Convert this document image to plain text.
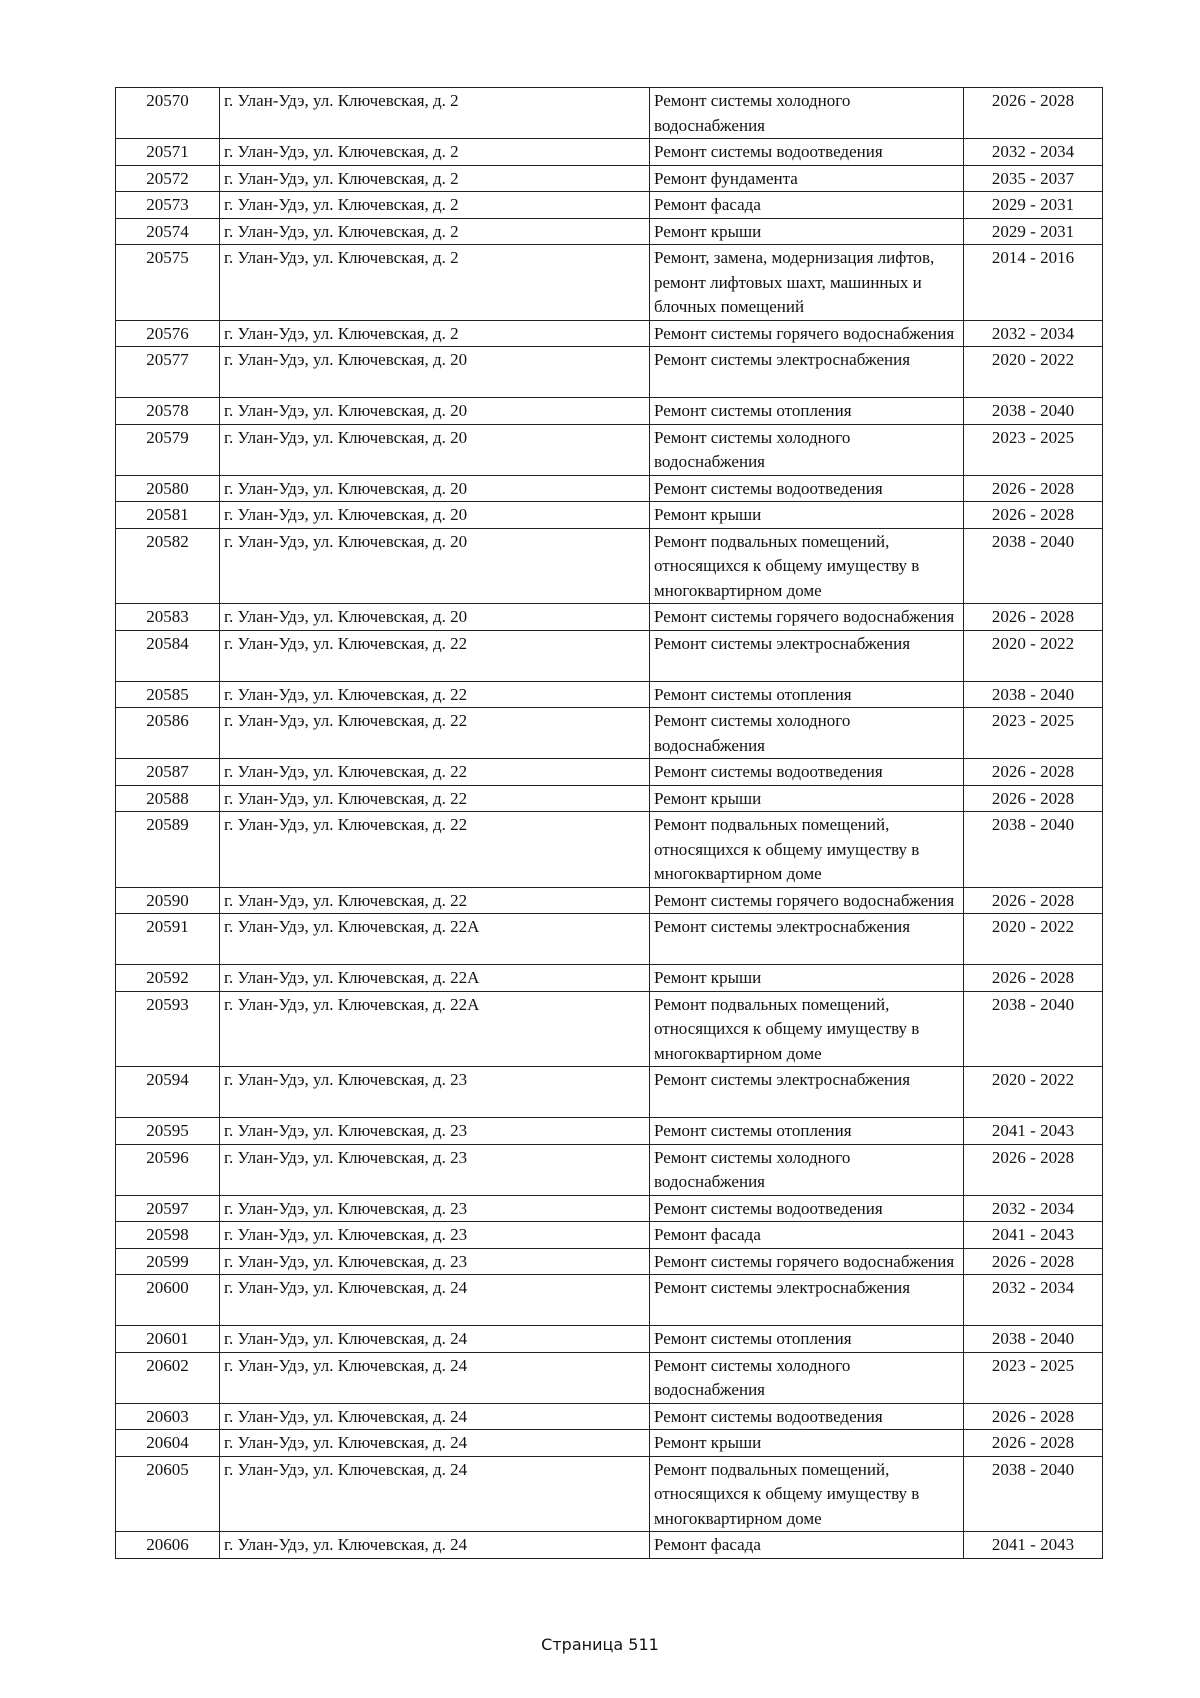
20570	г. Улан-Удэ, ул. Ключевская, д. 2	Ремонт системы холодного водоснабжения	2026 - 2028
20571	г. Улан-Удэ, ул. Ключевская, д. 2	Ремонт системы водоотведения	2032 - 2034
20572	г. Улан-Удэ, ул. Ключевская, д. 2	Ремонт фундамента	2035 - 2037
20573	г. Улан-Удэ, ул. Ключевская, д. 2	Ремонт фасада	2029 - 2031
20574	г. Улан-Удэ, ул. Ключевская, д. 2	Ремонт крыши	2029 - 2031
20575	г. Улан-Удэ, ул. Ключевская, д. 2	Ремонт, замена, модернизация лифтов, ремонт лифтовых шахт, машинных и блочных помещений	2014 - 2016
20576	г. Улан-Удэ, ул. Ключевская, д. 2	Ремонт системы горячего водоснабжения	2032 - 2034
20577	г. Улан-Удэ, ул. Ключевская, д. 20	Ремонт системы электроснабжения	2020 - 2022
20578	г. Улан-Удэ, ул. Ключевская, д. 20	Ремонт системы отопления	2038 - 2040
20579	г. Улан-Удэ, ул. Ключевская, д. 20	Ремонт системы холодного водоснабжения	2023 - 2025
20580	г. Улан-Удэ, ул. Ключевская, д. 20	Ремонт системы водоотведения	2026 - 2028
20581	г. Улан-Удэ, ул. Ключевская, д. 20	Ремонт крыши	2026 - 2028
20582	г. Улан-Удэ, ул. Ключевская, д. 20	Ремонт подвальных помещений, относящихся к общему имуществу в многоквартирном доме	2038 - 2040
20583	г. Улан-Удэ, ул. Ключевская, д. 20	Ремонт системы горячего водоснабжения	2026 - 2028
20584	г. Улан-Удэ, ул. Ключевская, д. 22	Ремонт системы электроснабжения	2020 - 2022
20585	г. Улан-Удэ, ул. Ключевская, д. 22	Ремонт системы отопления	2038 - 2040
20586	г. Улан-Удэ, ул. Ключевская, д. 22	Ремонт системы холодного водоснабжения	2023 - 2025
20587	г. Улан-Удэ, ул. Ключевская, д. 22	Ремонт системы водоотведения	2026 - 2028
20588	г. Улан-Удэ, ул. Ключевская, д. 22	Ремонт крыши	2026 - 2028
20589	г. Улан-Удэ, ул. Ключевская, д. 22	Ремонт подвальных помещений, относящихся к общему имуществу в многоквартирном доме	2038 - 2040
20590	г. Улан-Удэ, ул. Ключевская, д. 22	Ремонт системы горячего водоснабжения	2026 - 2028
20591	г. Улан-Удэ, ул. Ключевская, д. 22А	Ремонт системы электроснабжения	2020 - 2022
20592	г. Улан-Удэ, ул. Ключевская, д. 22А	Ремонт крыши	2026 - 2028
20593	г. Улан-Удэ, ул. Ключевская, д. 22А	Ремонт подвальных помещений, относящихся к общему имуществу в многоквартирном доме	2038 - 2040
20594	г. Улан-Удэ, ул. Ключевская, д. 23	Ремонт системы электроснабжения	2020 - 2022
20595	г. Улан-Удэ, ул. Ключевская, д. 23	Ремонт системы отопления	2041 - 2043
20596	г. Улан-Удэ, ул. Ключевская, д. 23	Ремонт системы холодного водоснабжения	2026 - 2028
20597	г. Улан-Удэ, ул. Ключевская, д. 23	Ремонт системы водоотведения	2032 - 2034
20598	г. Улан-Удэ, ул. Ключевская, д. 23	Ремонт фасада	2041 - 2043
20599	г. Улан-Удэ, ул. Ключевская, д. 23	Ремонт системы горячего водоснабжения	2026 - 2028
20600	г. Улан-Удэ, ул. Ключевская, д. 24	Ремонт системы электроснабжения	2032 - 2034
20601	г. Улан-Удэ, ул. Ключевская, д. 24	Ремонт системы отопления	2038 - 2040
20602	г. Улан-Удэ, ул. Ключевская, д. 24	Ремонт системы холодного водоснабжения	2023 - 2025
20603	г. Улан-Удэ, ул. Ключевская, д. 24	Ремонт системы водоотведения	2026 - 2028
20604	г. Улан-Удэ, ул. Ключевская, д. 24	Ремонт крыши	2026 - 2028
20605	г. Улан-Удэ, ул. Ключевская, д. 24	Ремонт подвальных помещений, относящихся к общему имуществу в многоквартирном доме	2038 - 2040
20606	г. Улан-Удэ, ул. Ключевская, д. 24	Ремонт фасада	2041 - 2043
Страница 511
